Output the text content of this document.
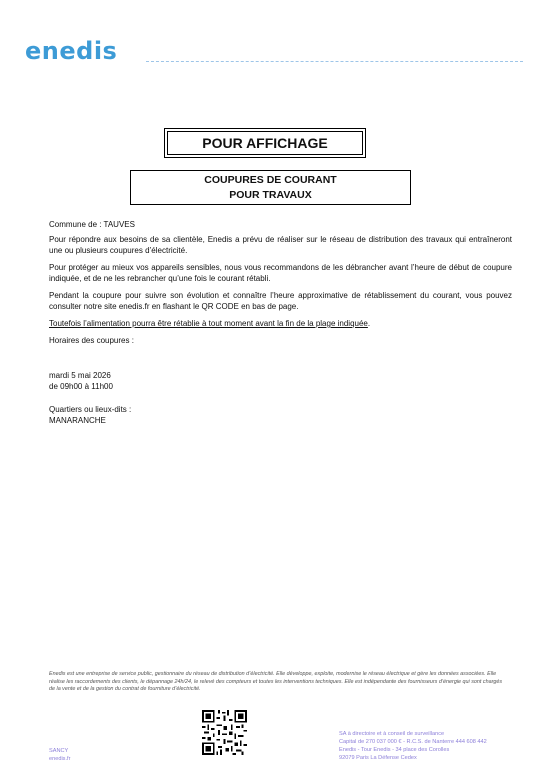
enedis
POUR AFFICHAGE
COUPURES DE COURANT
POUR TRAVAUX
Commune de : TAUVES
Pour répondre aux besoins de sa clientèle, Enedis a prévu de réaliser sur le réseau de distribution des travaux qui entraîneront une ou plusieurs coupures d’électricité.
Pour protéger au mieux vos appareils sensibles, nous vous recommandons de les débrancher avant l’heure de début de coupure indiquée, et de ne les rebrancher qu’une fois le courant rétabli.
Pendant la coupure pour suivre son évolution et connaître l’heure approximative de rétablissement du courant, vous pouvez consulter notre site enedis.fr en flashant le QR CODE en bas de page.
Toutefois l’alimentation pourra être rétablie à tout moment avant la fin de la plage indiquée.
Horaires des coupures :
mardi 5 mai 2026
de 09h00 à 11h00
Quartiers ou lieux-dits :
MANARANCHE
Enedis est une entreprise de service public, gestionnaire du réseau de distribution d’électricité. Elle développe, exploite, modernise le réseau électrique et gère les données associées. Elle réalise les raccordements des clients, le dépannage 24h/24, le relevé des compteurs et toutes les interventions techniques. Elle est indépendante des fournisseurs d’énergie qui sont chargés de la vente et de la gestion du contrat de fourniture d’électricité.
SANCY
enedis.fr
SA à directoire et à conseil de surveillance
Capital de 270 037 000 € - R.C.S. de Nanterre 444 608 442
Enedis - Tour Enedis - 34 place des Corolles
92079 Paris La Défense Cedex
